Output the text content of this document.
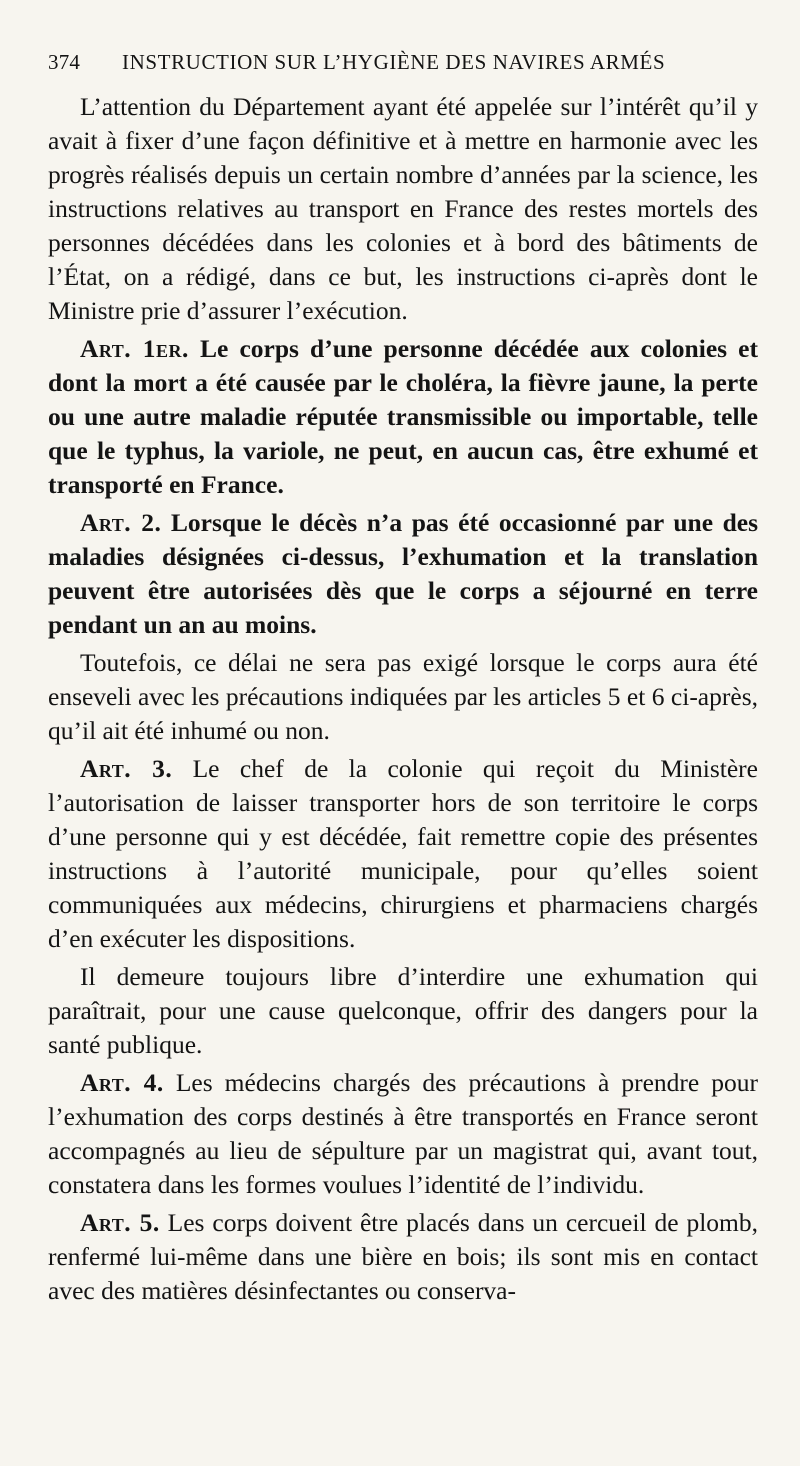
374 INSTRUCTION SUR L’HYGIÈNE DES NAVIRES ARMÉS

L’attention du Département ayant été appelée sur l’intérêt qu’il y avait à fixer d’une façon définitive et à mettre en harmonie avec les progrès réalisés depuis un certain nombre d’années par la science, les instructions relatives au transport en France des restes mortels des personnes décédées dans les colonies et à bord des bâtiments de l’État, on a rédigé, dans ce but, les instructions ci-après dont le Ministre prie d’assurer l’exécution.

Art. 1er. Le corps d’une personne décédée aux colonies et dont la mort a été causée par le choléra, la fièvre jaune, la perte ou une autre maladie réputée transmissible ou importable, telle que le typhus, la variole, ne peut, en aucun cas, être exhumé et transporté en France.

Art. 2. Lorsque le décès n’a pas été occasionné par une des maladies désignées ci-dessus, l’exhumation et la translation peuvent être autorisées dès que le corps a séjourné en terre pendant un an au moins.

Toutefois, ce délai ne sera pas exigé lorsque le corps aura été enseveli avec les précautions indiquées par les articles 5 et 6 ci-après, qu’il ait été inhumé ou non.

Art. 3. Le chef de la colonie qui reçoit du Ministère l’autorisation de laisser transporter hors de son territoire le corps d’une personne qui y est décédée, fait remettre copie des présentes instructions à l’autorité municipale, pour qu’elles soient communiquées aux médecins, chirurgiens et pharmaciens chargés d’en exécuter les dispositions.

Il demeure toujours libre d’interdire une exhumation qui paraîtrait, pour une cause quelconque, offrir des dangers pour la santé publique.

Art. 4. Les médecins chargés des précautions à prendre pour l’exhumation des corps destinés à être transportés en France seront accompagnés au lieu de sépulture par un magistrat qui, avant tout, constatera dans les formes voulues l’identité de l’individu.

Art. 5. Les corps doivent être placés dans un cercueil de plomb, renfermé lui-même dans une bière en bois; ils sont mis en contact avec des matières désinfectantes ou conserva-
